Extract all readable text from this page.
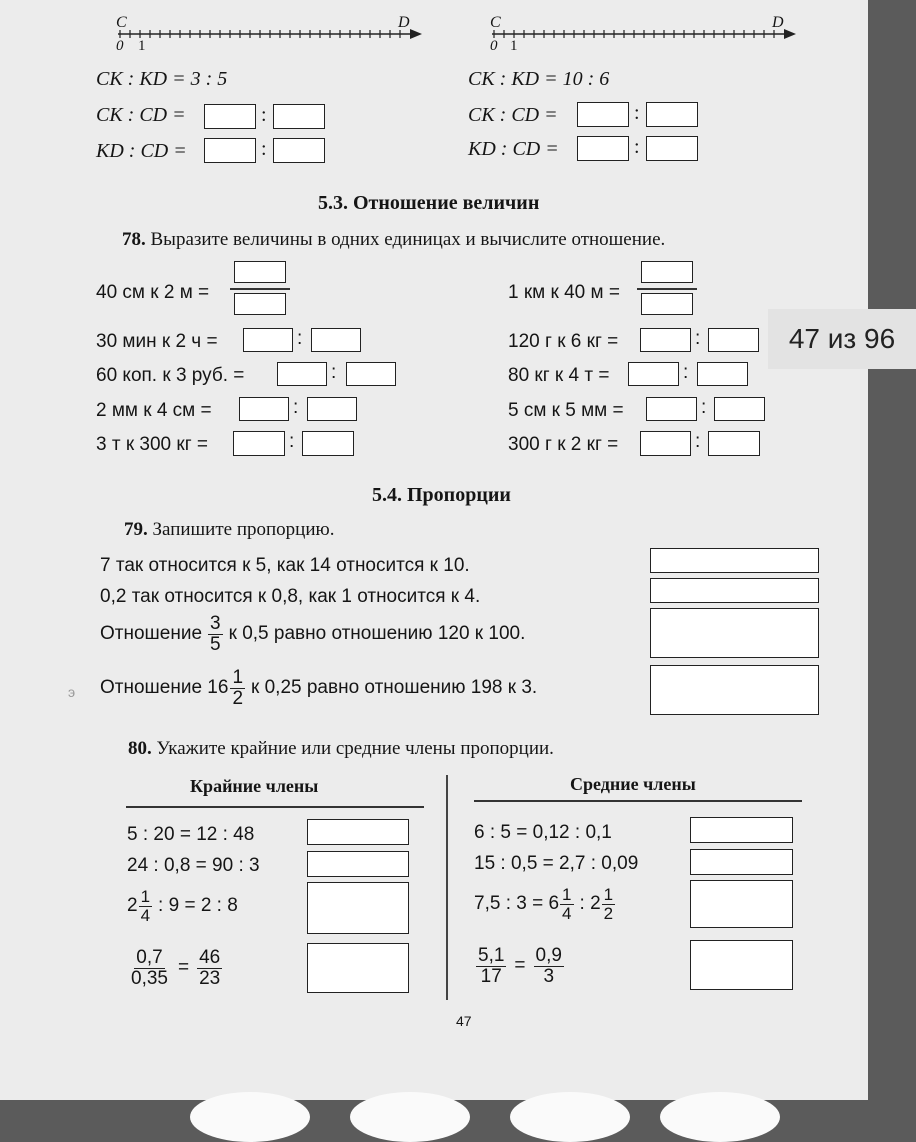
C	D
0 1
C	D
0 1
CK : KD = 3 : 5
CK : CD =	:
KD : CD =	:
CK : KD = 10 : 6
CK : CD =	:
KD : CD =	:
5.3. Отношение величин
78. Выразите величины в одних единицах и вычислите отношение.
40 см к 2 м =
30 мин к 2 ч =	:
60 коп. к 3 руб. =	:
2 мм к 4 см =	:
3 т к 300 кг =	:
1 км к 40 м =
120 г к 6 кг =	:
80 кг к 4 т =	:
5 см к 5 мм =	:
300 г к 2 кг =	:
5.4. Пропорции
79. Запишите пропорцию.
7 так относится к 5, как 14 относится к 10.
0,2 так относится к 0,8, как 1 относится к 4.
Отношение $\frac{3}{5}$ к 0,5 равно отношению 120 к 100.
э Отношение $16 \frac{1}{2}$ к 0,25 равно отношению 198 к 3.
80. Укажите крайние или средние члены пропорции.
Крайние члены	Средние члены
5 : 20 = 12 : 48
24 : 0,8 = 90 : 3
$2 \frac{1}{4}$ : 9 = 2 : 8
$\frac{0,7}{0,35} = \frac{46}{23}$
6 : 5 = 0,12 : 0,1
15 : 0,5 = 2,7 : 0,09
7,5 : $3 = 6 \frac{1}{4}$ : $2 \frac{1}{2}$
$\frac{5,1}{17} = \frac{0,9}{3}$
47
47 из 96
